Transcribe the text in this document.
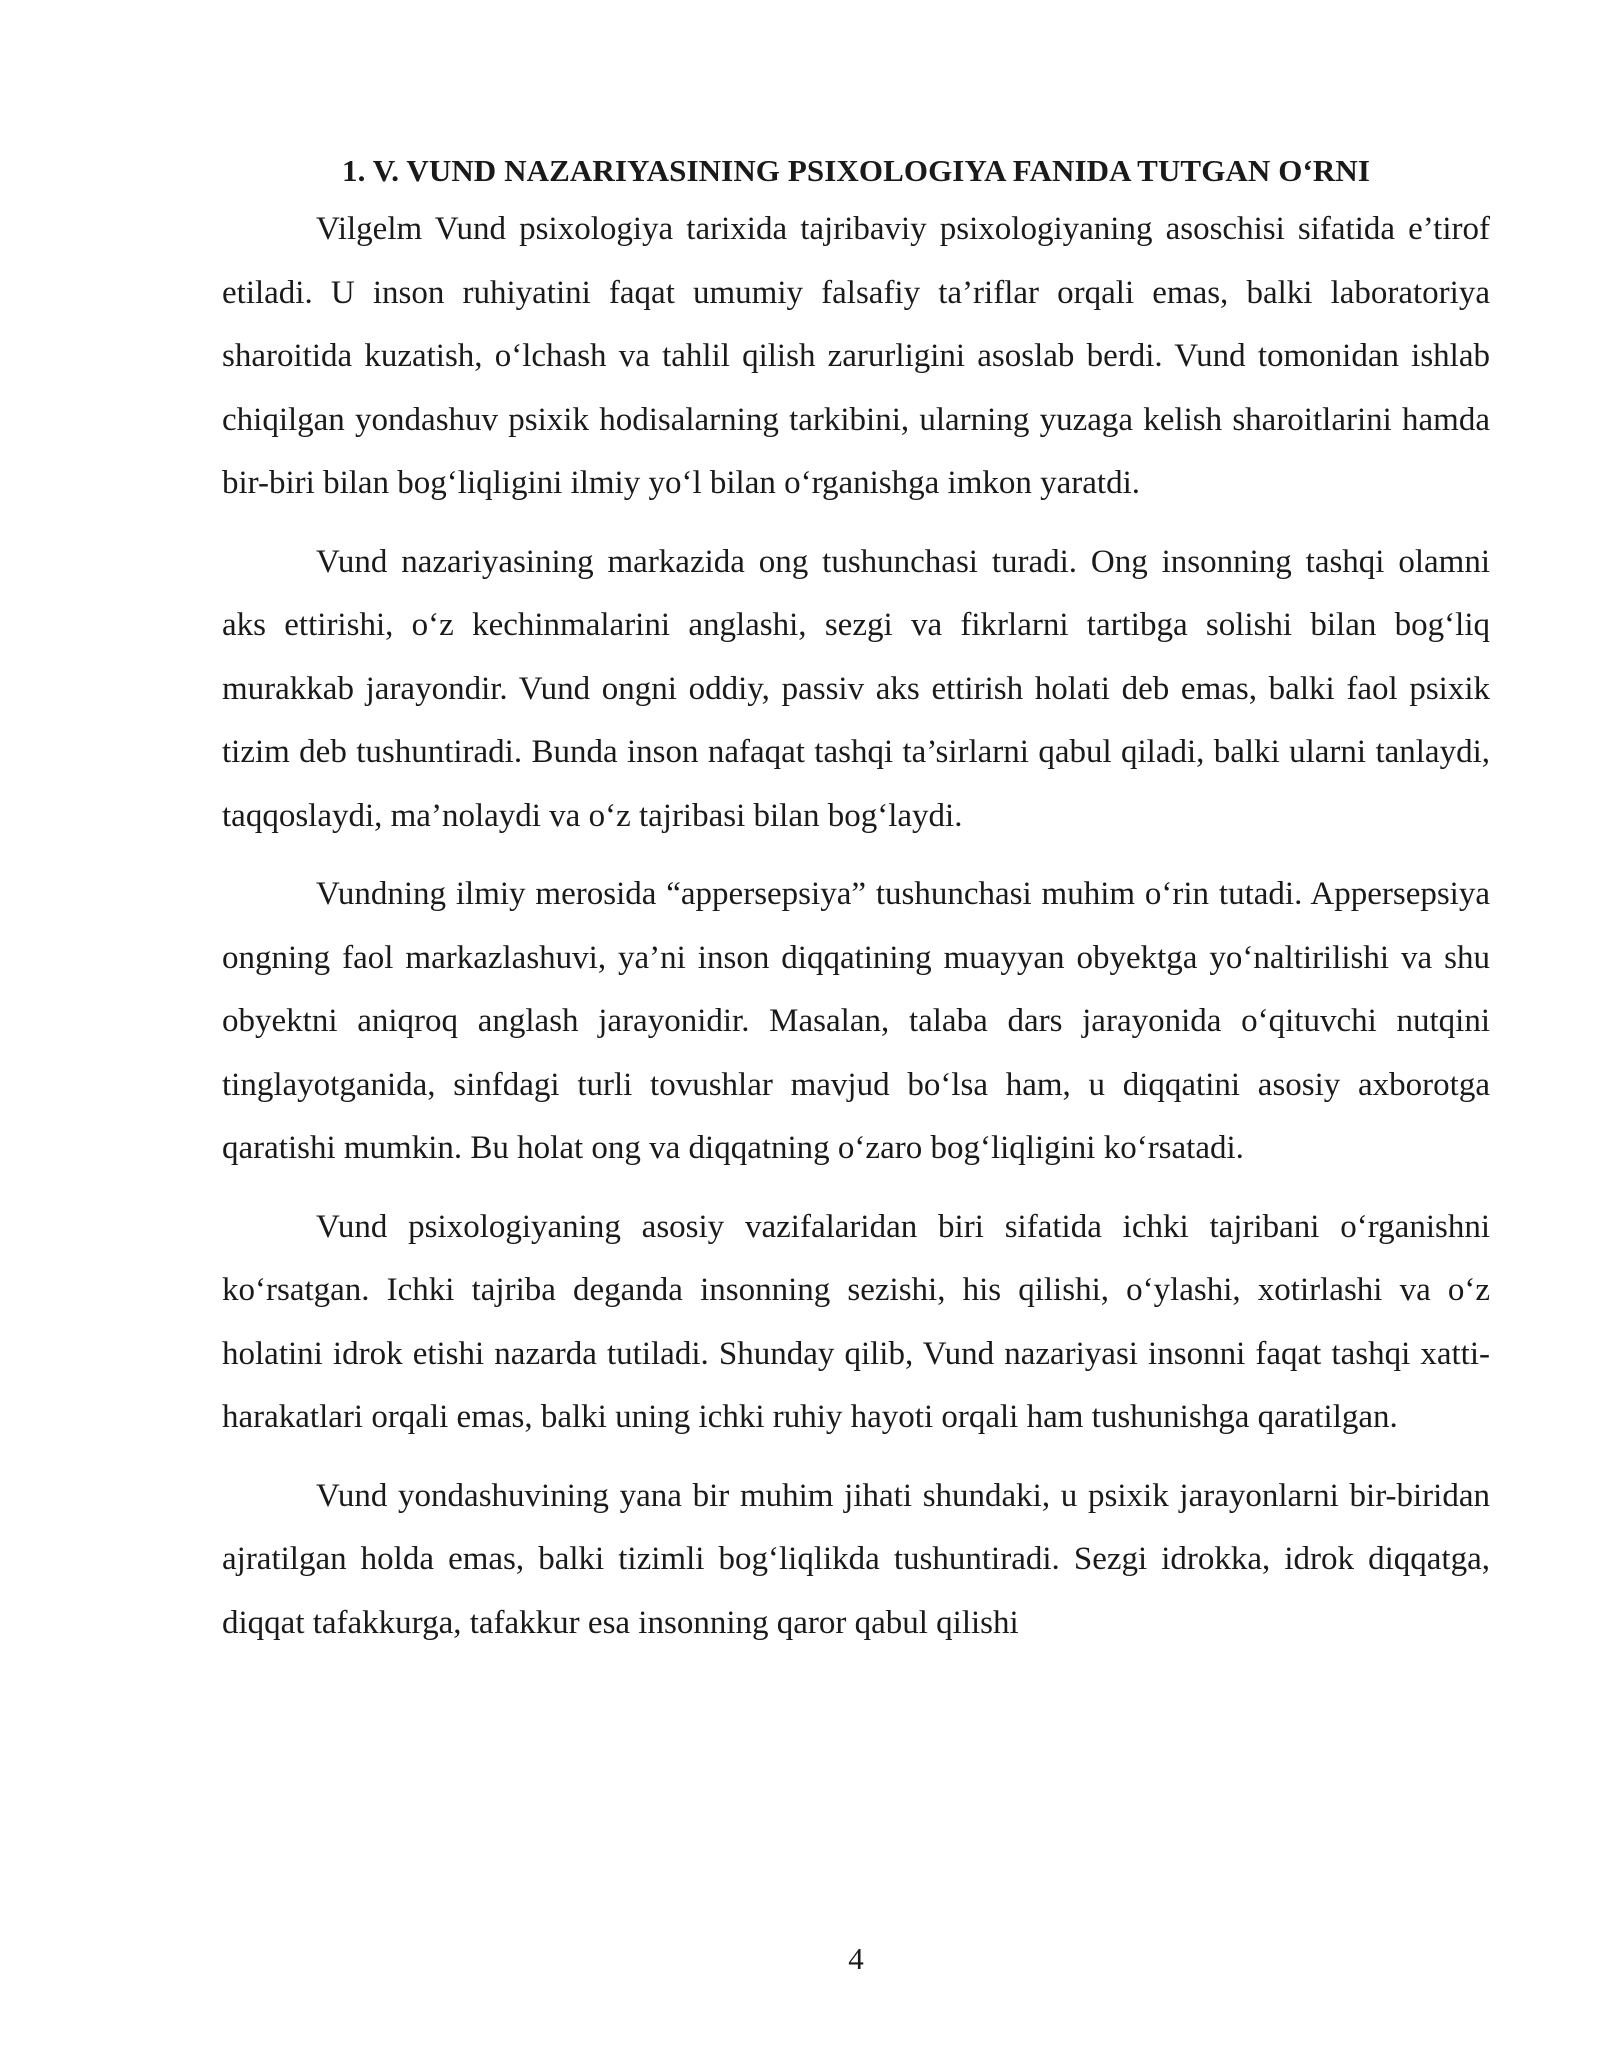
1. V. VUND NAZARIYASINING PSIXOLOGIYA FANIDA TUTGAN O‘RNI

Vilgelm Vund psixologiya tarixida tajribaviy psixologiyaning asoschisi sifatida e’tirof etiladi. U inson ruhiyatini faqat umumiy falsafiy ta’riflar orqali emas, balki laboratoriya sharoitida kuzatish, o‘lchash va tahlil qilish zarurligini asoslab berdi. Vund tomonidan ishlab chiqilgan yondashuv psixik hodisalarning tarkibini, ularning yuzaga kelish sharoitlarini hamda bir-biri bilan bog‘liqligini ilmiy yo‘l bilan o‘rganishga imkon yaratdi.

Vund nazariyasining markazida ong tushunchasi turadi. Ong insonning tashqi olamni aks ettirishi, o‘z kechinmalarini anglashi, sezgi va fikrlarni tartibga solishi bilan bog‘liq murakkab jarayondir. Vund ongni oddiy, passiv aks ettirish holati deb emas, balki faol psixik tizim deb tushuntiradi. Bunda inson nafaqat tashqi ta’sirlarni qabul qiladi, balki ularni tanlaydi, taqqoslaydi, ma’nolaydi va o‘z tajribasi bilan bog‘laydi.

Vundning ilmiy merosida “appersepsiya” tushunchasi muhim o‘rin tutadi. Appersepsiya ongning faol markazlashuvi, ya’ni inson diqqatining muayyan obyektga yo‘naltirilishi va shu obyektni aniqroq anglash jarayonidir. Masalan, talaba dars jarayonida o‘qituvchi nutqini tinglayotganida, sinfdagi turli tovushlar mavjud bo‘lsa ham, u diqqatini asosiy axborotga qaratishi mumkin. Bu holat ong va diqqatning o‘zaro bog‘liqligini ko‘rsatadi.

Vund psixologiyaning asosiy vazifalaridan biri sifatida ichki tajribani o‘rganishni ko‘rsatgan. Ichki tajriba deganda insonning sezishi, his qilishi, o‘ylashi, xotirlashi va o‘z holatini idrok etishi nazarda tutiladi. Shunday qilib, Vund nazariyasi insonni faqat tashqi xatti-harakatlari orqali emas, balki uning ichki ruhiy hayoti orqali ham tushunishga qaratilgan.

Vund yondashuvining yana bir muhim jihati shundaki, u psixik jarayonlarni bir-biridan ajratilgan holda emas, balki tizimli bog‘liqlikda tushuntiradi. Sezgi idrokka, idrok diqqatga, diqqat tafakkurga, tafakkur esa insonning qaror qabul qilishi

4
